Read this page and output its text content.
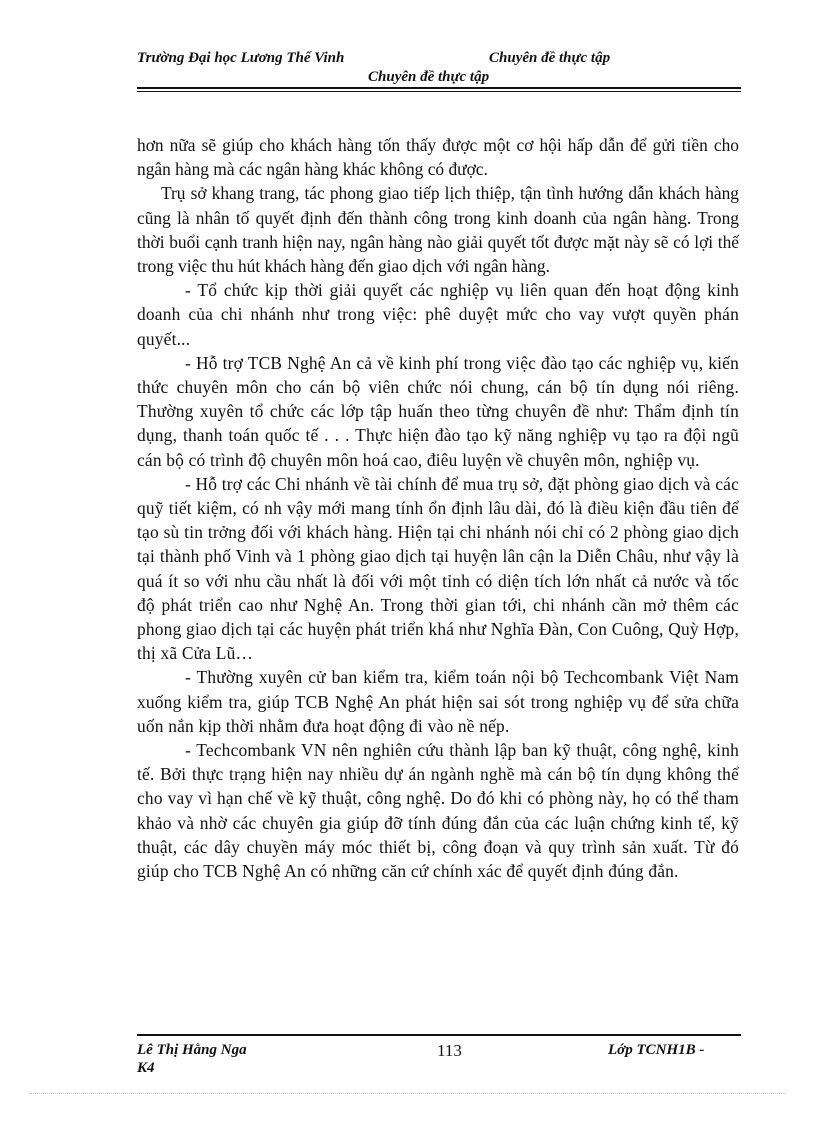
Trường Đại học Lương Thế Vinh	Chuyên đề thực tập
Chuyên đề thực tập

hơn nữa sẽ giúp cho khách hàng tốn thấy được một cơ hội hấp dẫn để gửi tiền cho ngân hàng mà các ngân hàng khác không có được.

Trụ sở khang trang, tác phong giao tiếp lịch thiệp, tận tình hướng dẫn khách hàng cũng là nhân tố quyết định đến thành công trong kinh doanh của ngân hàng. Trong thời buổi cạnh tranh hiện nay, ngân hàng nào giải quyết tốt được mặt này sẽ có lợi thế trong việc thu hút khách hàng đến giao dịch với ngân hàng.

- Tổ chức kịp thời giải quyết các nghiệp vụ liên quan đến hoạt động kinh doanh của chi nhánh như trong việc: phê duyệt mức cho vay vượt quyền phán quyết...

- Hỗ trợ TCB Nghệ An cả về kinh phí trong việc đào tạo các nghiệp vụ, kiến thức chuyên môn cho cán bộ viên chức nói chung, cán bộ tín dụng nói riêng. Thường xuyên tổ chức các lớp tập huấn theo từng chuyên đề như: Thẩm định tín dụng, thanh toán quốc tế . . . Thực hiện đào tạo kỹ năng nghiệp vụ tạo ra đội ngũ cán bộ có trình độ chuyên môn hoá cao, điêu luyện về chuyên môn, nghiệp vụ.

- Hỗ trợ các Chi nhánh về tài chính để mua trụ sở, đặt phòng giao dịch và các quỹ tiết kiệm, có nh vậy mới mang tính ổn định lâu dài, đó là điều kiện đầu tiên để tạo sù tin trởng đối với khách hàng. Hiện tại chi nhánh nói chỉ có 2 phòng giao dịch tại thành phố Vinh và 1 phòng giao dịch tại huyện lân cận la Diễn Châu, như vậy là quá ít so với nhu cầu nhất là đối với một tỉnh có diện tích lớn nhất cả nước và tốc độ phát triển cao như Nghệ An. Trong thời gian tới, chi nhánh cần mở thêm các phong giao dịch tại các huyện phát triển khá như Nghĩa Đàn, Con Cuông, Quỳ Hợp, thị xã Cửa Lũ…

- Thường xuyên cử ban kiểm tra, kiểm toán nội bộ Techcombank Việt Nam xuống kiểm tra, giúp TCB Nghệ An phát hiện sai sót trong nghiệp vụ để sửa chữa uốn nắn kịp thời nhằm đưa hoạt động đi vào nề nếp.

- Techcombank VN nên nghiên cứu thành lập ban kỹ thuật, công nghệ, kinh tế. Bởi thực trạng hiện nay nhiều dự án ngành nghề mà cán bộ tín dụng không thể cho vay vì hạn chế về kỹ thuật, công nghệ. Do đó khi có phòng này, họ có thể tham khảo và nhờ các chuyên gia giúp đỡ tính đúng đắn của các luận chứng kinh tế, kỹ thuật, các dây chuyền máy móc thiết bị, công đoạn và quy trình sản xuất. Từ đó giúp cho TCB Nghệ An có những căn cứ chính xác để quyết định đúng đắn.

Lê Thị Hằng Nga
K4
113	Lớp TCNH1B -
